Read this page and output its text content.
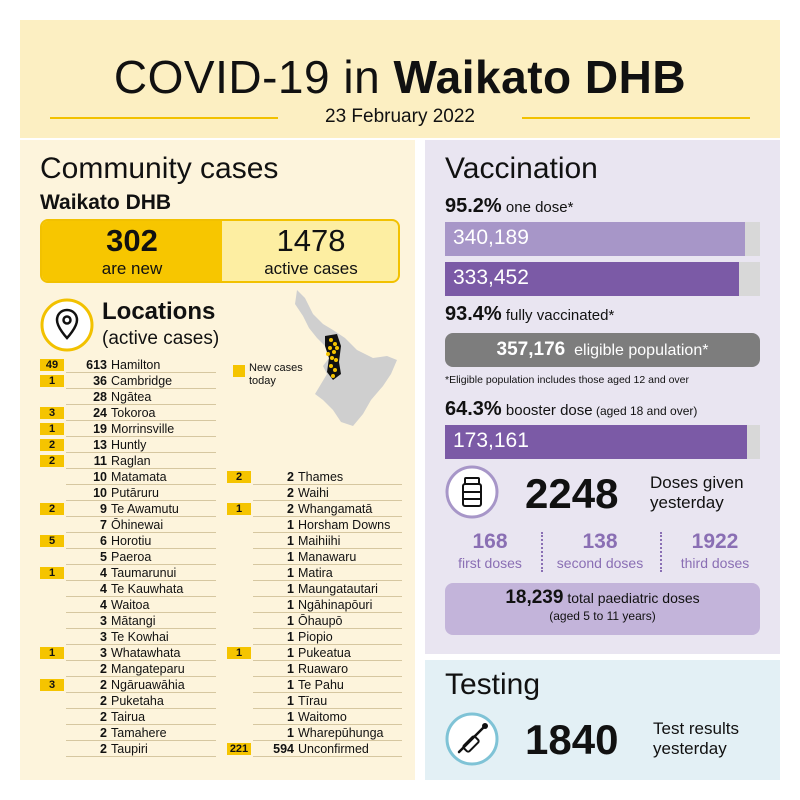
COVID-19 in Waikato DHB
23 February 2022
Community cases
Waikato DHB
302
are new
1478
active cases
Locations
(active cases)
New cases today
49	613 Hamilton
1	36 Cambridge
28 Ngātea
3	24 Tokoroa
1	19 Morrinsville
2	13 Huntly
2	11 Raglan
10 Matamata
10 Putāruru
2	9 Te Awamutu
7 Ōhinewai
5	6 Horotiu
5 Paeroa
1	4 Taumarunui
4 Te Kauwhata
4 Waitoa
3 Mātangi
3 Te Kowhai
1	3 Whatawhata
2 Mangateparu
3	2 Ngāruawāhia
2 Puketaha
2 Tairua
2 Tamahere
2 Taupiri
2	2 Thames
2 Waihi
1	2 Whangamatā
1 Horsham Downs
1 Maihiihi
1 Manawaru
1 Matira
1 Maungatautari
1 Ngāhinapōuri
1 Ōhaupō
1 Piopio
1	1 Pukeatua
1 Ruawaro
1 Te Pahu
1 Tīrau
1 Waitomo
1 Wharepūhunga
221	594 Unconfirmed
Vaccination
95.2% one dose*
340,189
333,452
93.4% fully vaccinated*
357,176 eligible population*
*Eligible population includes those aged 12 and over
64.3% booster dose (aged 18 and over)
173,161
2248 Doses given yesterday
168
first doses
138
second doses
1922
third doses
18,239 total paediatric doses
(aged 5 to 11 years)
Testing
1840 Test results yesterday
